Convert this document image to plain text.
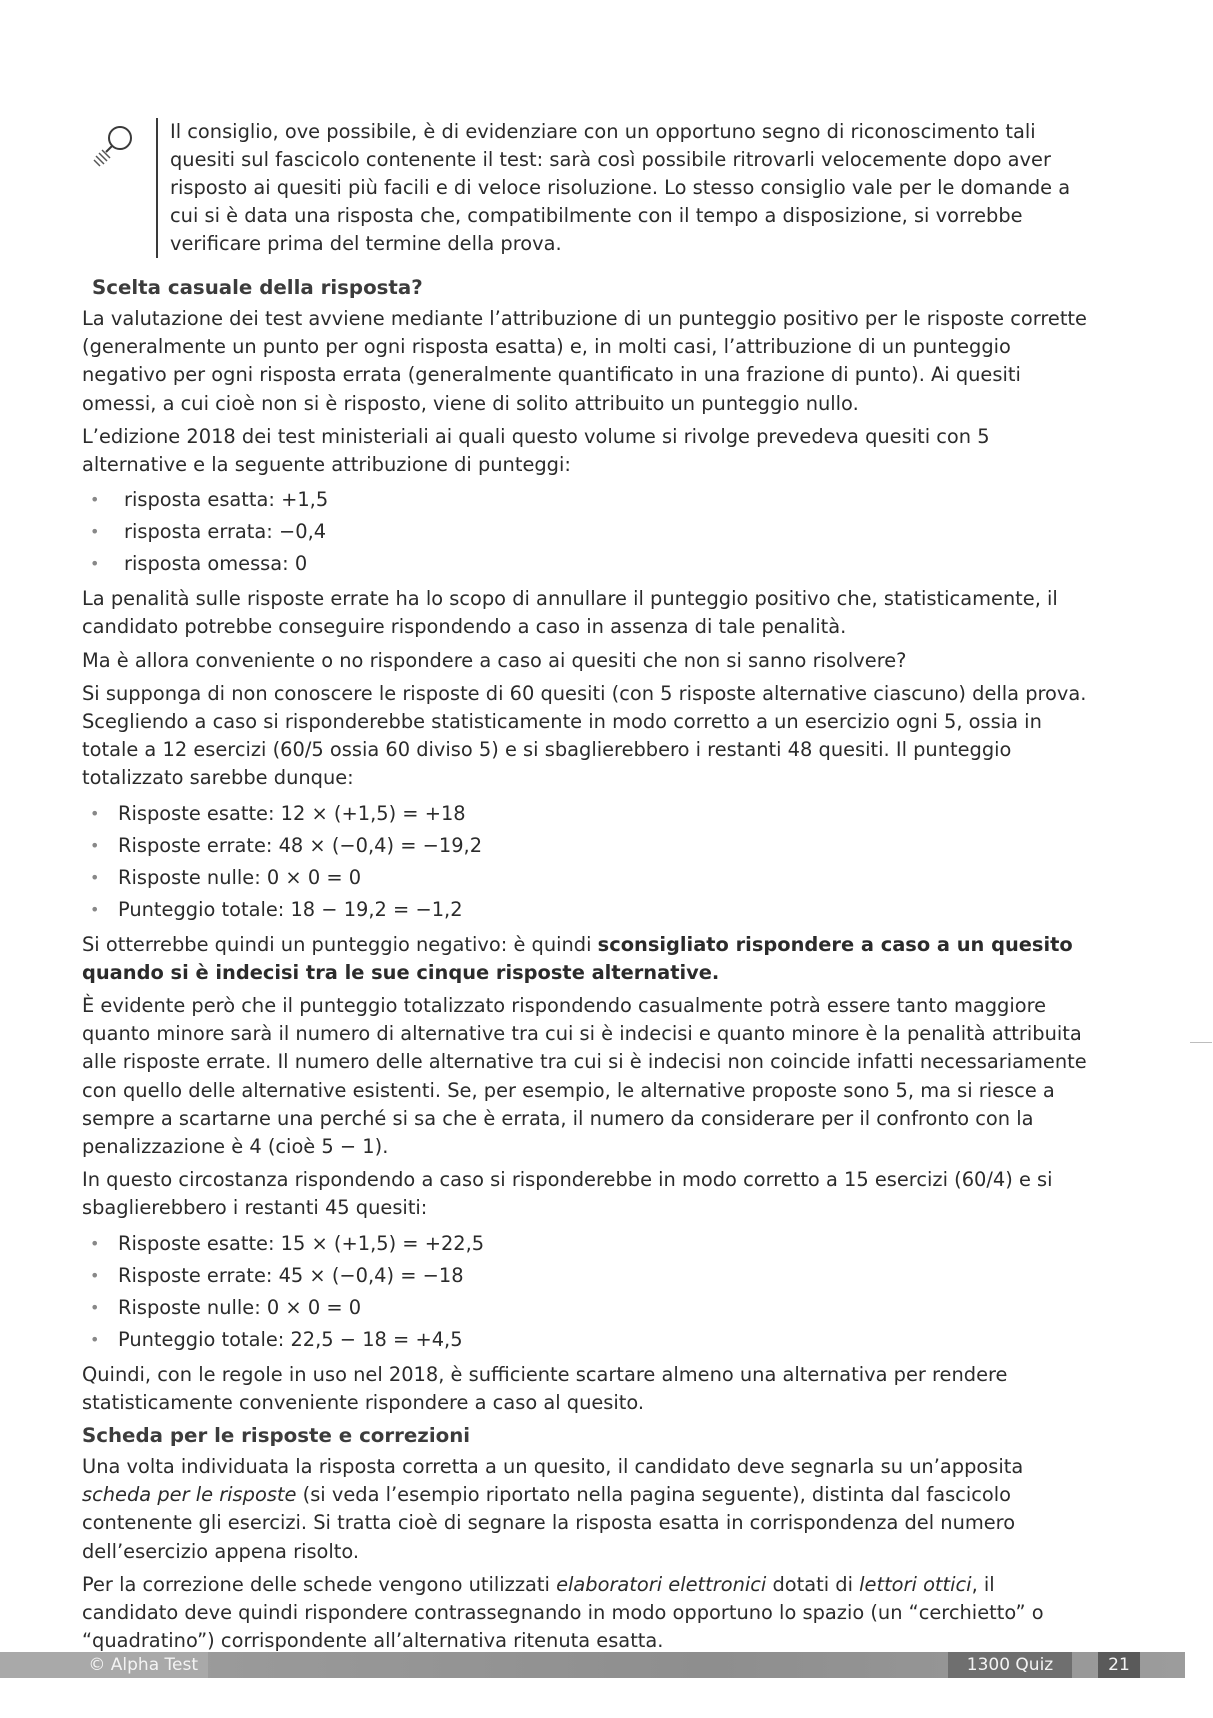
Il consiglio, ove possibile, è di evidenziare con un opportuno segno di riconoscimento tali quesiti sul fascicolo contenente il test: sarà così possibile ritrovarli velocemente dopo aver risposto ai quesiti più facili e di veloce risoluzione. Lo stesso consiglio vale per le domande a cui si è data una risposta che, compatibilmente con il tempo a disposizione, si vorrebbe verificare prima del termine della prova.
Scelta casuale della risposta?

La valutazione dei test avviene mediante l’attribuzione di un punteggio positivo per le risposte corrette (generalmente un punto per ogni risposta esatta) e, in molti casi, l’attribuzione di un punteggio negativo per ogni risposta errata (generalmente quantificato in una frazione di punto). Ai quesiti omessi, a cui cioè non si è risposto, viene di solito attribuito un punteggio nullo.

L’edizione 2018 dei test ministeriali ai quali questo volume si rivolge prevedeva quesiti con 5 alternative e la seguente attribuzione di punteggi:

• risposta esatta: +1,5
• risposta errata: −0,4
• risposta omessa: 0

La penalità sulle risposte errate ha lo scopo di annullare il punteggio positivo che, statisticamente, il candidato potrebbe conseguire rispondendo a caso in assenza di tale penalità.

Ma è allora conveniente o no rispondere a caso ai quesiti che non si sanno risolvere?

Si supponga di non conoscere le risposte di 60 quesiti (con 5 risposte alternative ciascuno) della prova. Scegliendo a caso si risponderebbe statisticamente in modo corretto a un esercizio ogni 5, ossia in totale a 12 esercizi (60/5 ossia 60 diviso 5) e si sbaglierebbero i restanti 48 quesiti. Il punteggio totalizzato sarebbe dunque:

• Risposte esatte: 12 × (+1,5) = +18
• Risposte errate: 48 × (−0,4) = −19,2
• Risposte nulle: 0 × 0 = 0
• Punteggio totale: 18 − 19,2 = −1,2

Si otterrebbe quindi un punteggio negativo: è quindi sconsigliato rispondere a caso a un quesito quando si è indecisi tra le sue cinque risposte alternative.

È evidente però che il punteggio totalizzato rispondendo casualmente potrà essere tanto maggiore quanto minore sarà il numero di alternative tra cui si è indecisi e quanto minore è la penalità attribuita alle risposte errate. Il numero delle alternative tra cui si è indecisi non coincide infatti necessariamente con quello delle alternative esistenti. Se, per esempio, le alternative proposte sono 5, ma si riesce a sempre a scartarne una perché si sa che è errata, il numero da considerare per il confronto con la penalizzazione è 4 (cioè 5 − 1).

In questo circostanza rispondendo a caso si risponderebbe in modo corretto a 15 esercizi (60/4) e si sbaglierebbero i restanti 45 quesiti:

• Risposte esatte: 15 × (+1,5) = +22,5
• Risposte errate: 45 × (−0,4) = −18
• Risposte nulle: 0 × 0 = 0
• Punteggio totale: 22,5 − 18 = +4,5

Quindi, con le regole in uso nel 2018, è sufficiente scartare almeno una alternativa per rendere statisticamente conveniente rispondere a caso al quesito.

Scheda per le risposte e correzioni

Una volta individuata la risposta corretta a un quesito, il candidato deve segnarla su un’apposita scheda per le risposte (si veda l’esempio riportato nella pagina seguente), distinta dal fascicolo contenente gli esercizi. Si tratta cioè di segnare la risposta esatta in corrispondenza del numero dell’esercizio appena risolto.

Per la correzione delle schede vengono utilizzati elaboratori elettronici dotati di lettori ottici, il candidato deve quindi rispondere contrassegnando in modo opportuno lo spazio (un “cerchietto” o “quadratino”) corrispondente all’alternativa ritenuta esatta.

© Alpha Test	1300 Quiz	21
